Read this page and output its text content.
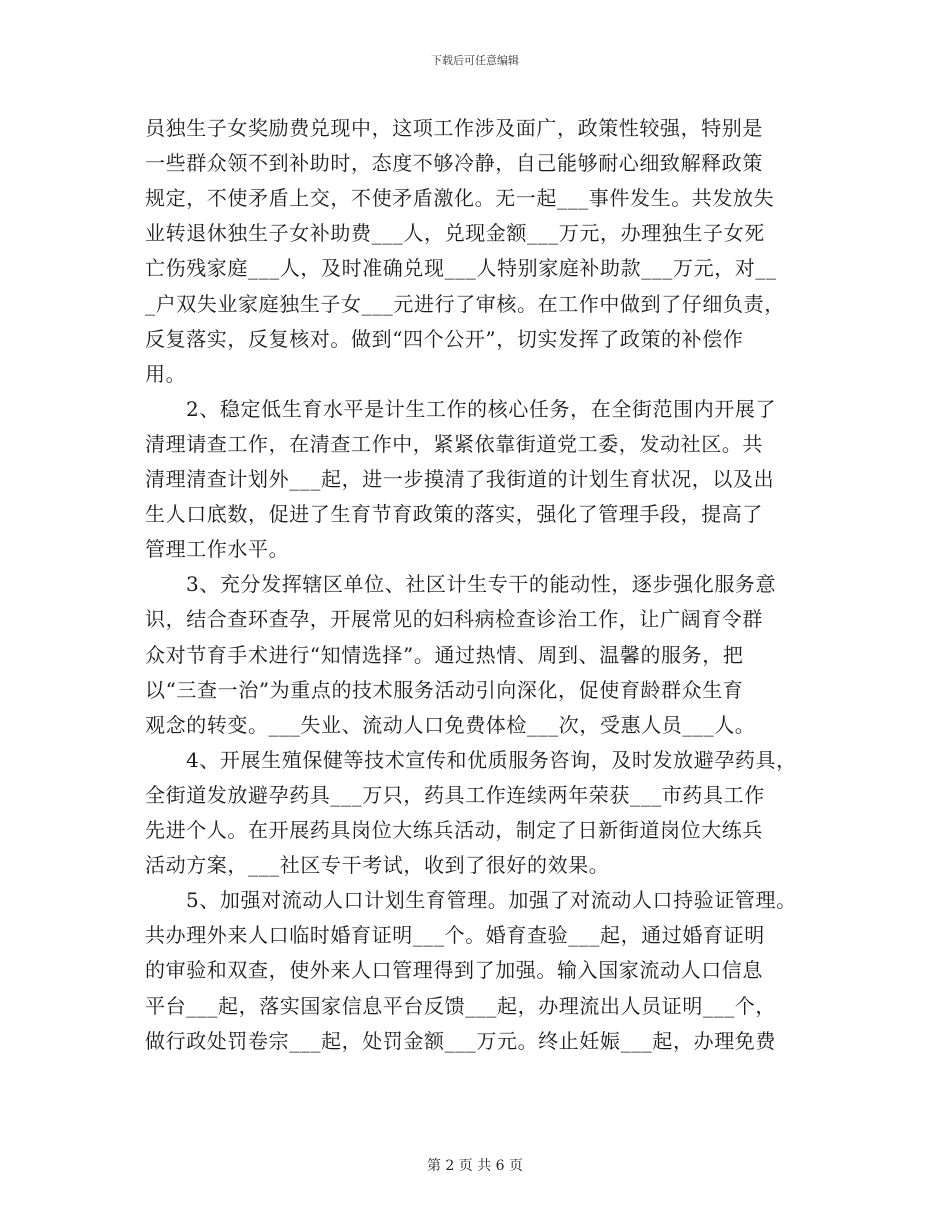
下载后可任意编辑
员独生子女奖励费兑现中，这项工作涉及面广，政策性较强，特别是
一些群众领不到补助时，态度不够冷静，自己能够耐心细致解释政策
规定，不使矛盾上交，不使矛盾激化。无一起___事件发生。共发放失
业转退休独生子女补助费___人，兑现金额___万元，办理独生子女死
亡伤残家庭___人，及时准确兑现___人特别家庭补助款___万元，对__
_户双失业家庭独生子女___元进行了审核。在工作中做到了仔细负责，
反复落实，反复核对。做到“四个公开”，切实发挥了政策的补偿作
用。
2、稳定低生育水平是计生工作的核心任务，在全街范围内开展了
清理请查工作，在清查工作中，紧紧依靠街道党工委，发动社区。共
清理清查计划外___起，进一步摸清了我街道的计划生育状况，以及出
生人口底数，促进了生育节育政策的落实，强化了管理手段，提高了
管理工作水平。
3、充分发挥辖区单位、社区计生专干的能动性，逐步强化服务意
识，结合查环查孕，开展常见的妇科病检查诊治工作，让广阔育令群
众对节育手术进行“知情选择”。通过热情、周到、温馨的服务，把
以“三查一治”为重点的技术服务活动引向深化，促使育龄群众生育
观念的转变。___失业、流动人口免费体检___次，受惠人员___人。
4、开展生殖保健等技术宣传和优质服务咨询，及时发放避孕药具，
全街道发放避孕药具___万只，药具工作连续两年荣获___市药具工作
先进个人。在开展药具岗位大练兵活动，制定了日新街道岗位大练兵
活动方案，___社区专干考试，收到了很好的效果。
5、加强对流动人口计划生育管理。加强了对流动人口持验证管理。
共办理外来人口临时婚育证明___个。婚育查验___起，通过婚育证明
的审验和双查，使外来人口管理得到了加强。输入国家流动人口信息
平台___起，落实国家信息平台反馈___起，办理流出人员证明___个，
做行政处罚卷宗___起，处罚金额___万元。终止妊娠___起，办理免费
第 2 页 共 6 页
